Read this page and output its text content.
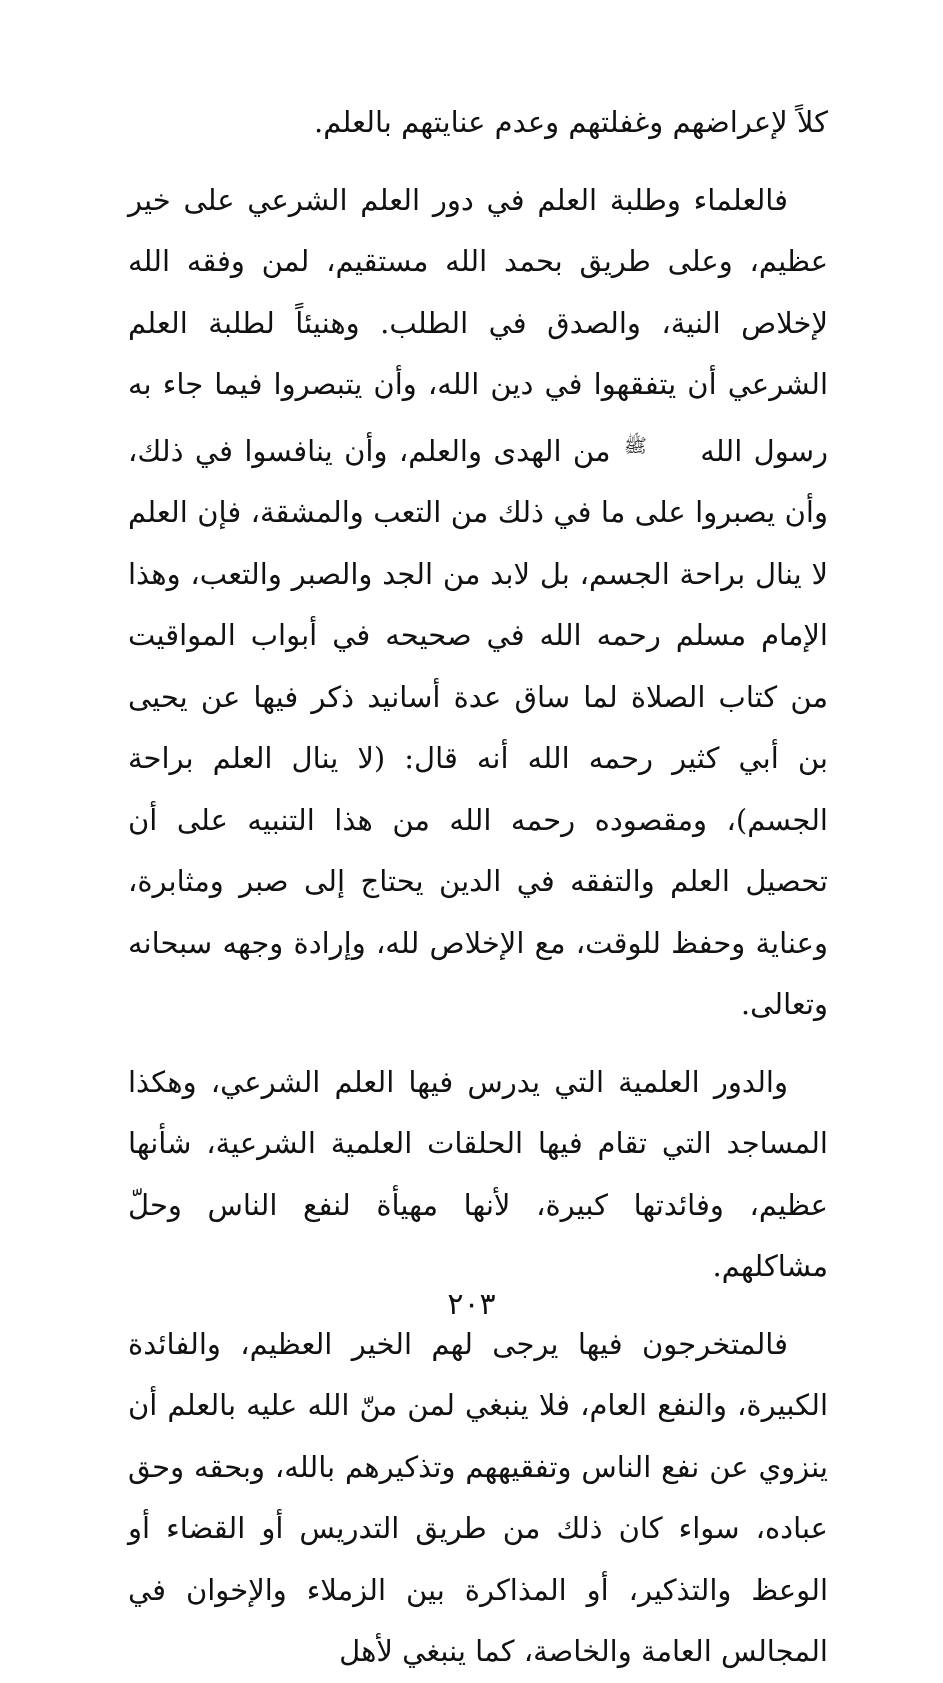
كلاً لإعراضهم وغفلتهم وعدم عنايتهم بالعلم.

فالعلماء وطلبة العلم في دور العلم الشرعي على خير عظيم، وعلى طريق بحمد الله مستقيم، لمن وفقه الله لإخلاص النية، والصدق في الطلب. وهنيئاً لطلبة العلم الشرعي أن يتفقهوا في دين الله، وأن يتبصروا فيما جاء به رسول الله ﷺ من الهدى والعلم، وأن ينافسوا في ذلك، وأن يصبروا على ما في ذلك من التعب والمشقة، فإن العلم لا ينال براحة الجسم، بل لابد من الجد والصبر والتعب، وهذا الإمام مسلم رحمه الله في صحيحه في أبواب المواقيت من كتاب الصلاة لما ساق عدة أسانيد ذكر فيها عن يحيى بن أبي كثير رحمه الله أنه قال: (لا ينال العلم براحة الجسم)، ومقصوده رحمه الله من هذا التنبيه على أن تحصيل العلم والتفقه في الدين يحتاج إلى صبر ومثابرة، وعناية وحفظ للوقت، مع الإخلاص لله، وإرادة وجهه سبحانه وتعالى.

والدور العلمية التي يدرس فيها العلم الشرعي، وهكذا المساجد التي تقام فيها الحلقات العلمية الشرعية، شأنها عظيم، وفائدتها كبيرة، لأنها مهيأة لنفع الناس وحلّ مشاكلهم.

فالمتخرجون فيها يرجى لهم الخير العظيم، والفائدة الكبيرة، والنفع العام، فلا ينبغي لمن منّ الله عليه بالعلم أن ينزوي عن نفع الناس وتفقيههم وتذكيرهم بالله، وبحقه وحق عباده، سواء كان ذلك من طريق التدريس أو القضاء أو الوعظ والتذكير، أو المذاكرة بين الزملاء والإخوان في المجالس العامة والخاصة، كما ينبغي لأهل

٢٠٣
